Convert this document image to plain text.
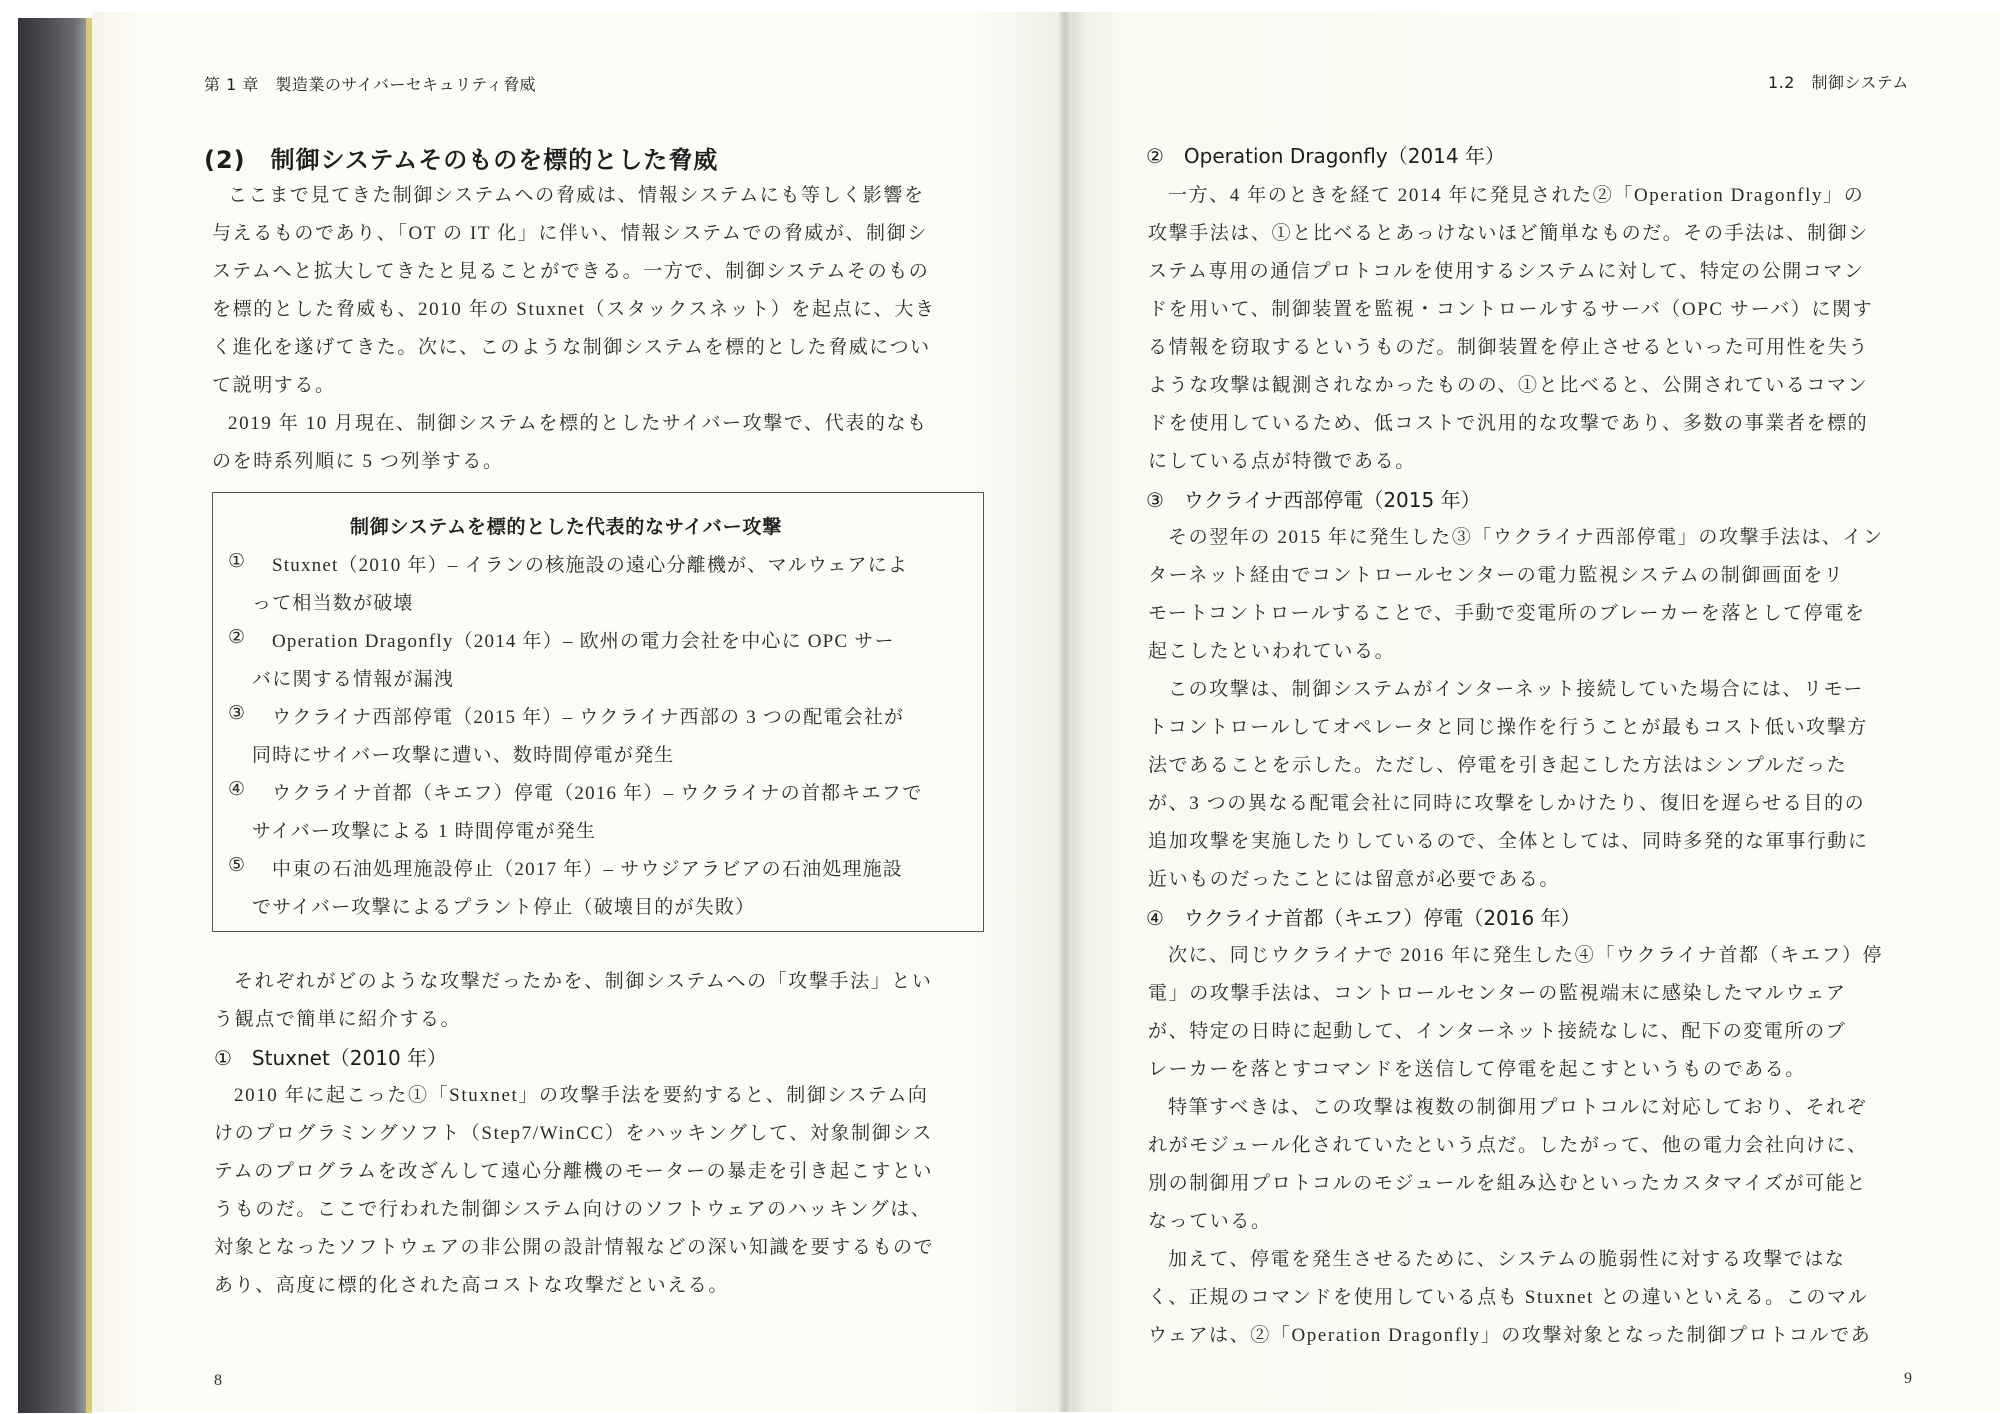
第 1 章　製造業のサイバーセキュリティ脅威
(2)　制御システムそのものを標的とした脅威
ここまで見てきた制御システムへの脅威は、情報システムにも等しく影響を
与えるものであり、「OT の IT 化」に伴い、情報システムでの脅威が、制御シ
ステムへと拡大してきたと見ることができる。一方で、制御システムそのもの
を標的とした脅威も、2010 年の Stuxnet（スタックスネット）を起点に、大き
く進化を遂げてきた。次に、このような制御システムを標的とした脅威につい
て説明する。
2019 年 10 月現在、制御システムを標的としたサイバー攻撃で、代表的なも
のを時系列順に 5 つ列挙する。
制御システムを標的とした代表的なサイバー攻撃
① Stuxnet（2010 年）– イランの核施設の遠心分離機が、マルウェアによ
って相当数が破壊
② Operation Dragonfly（2014 年）– 欧州の電力会社を中心に OPC サー
バに関する情報が漏洩
③ ウクライナ西部停電（2015 年）– ウクライナ西部の 3 つの配電会社が
同時にサイバー攻撃に遭い、数時間停電が発生
④ ウクライナ首都（キエフ）停電（2016 年）– ウクライナの首都キエフで
サイバー攻撃による 1 時間停電が発生
⑤ 中東の石油処理施設停止（2017 年）– サウジアラビアの石油処理施設
でサイバー攻撃によるプラント停止（破壊目的が失敗）
それぞれがどのような攻撃だったかを、制御システムへの「攻撃手法」とい
う観点で簡単に紹介する。
①　Stuxnet（2010 年）
2010 年に起こった①「Stuxnet」の攻撃手法を要約すると、制御システム向
けのプログラミングソフト（Step7/WinCC）をハッキングして、対象制御シス
テムのプログラムを改ざんして遠心分離機のモーターの暴走を引き起こすとい
うものだ。ここで行われた制御システム向けのソフトウェアのハッキングは、
対象となったソフトウェアの非公開の設計情報などの深い知識を要するもので
あり、高度に標的化された高コストな攻撃だといえる。
8
1.2　制御システム
②　Operation Dragonfly（2014 年）
一方、4 年のときを経て 2014 年に発見された②「Operation Dragonfly」の
攻撃手法は、①と比べるとあっけないほど簡単なものだ。その手法は、制御シ
ステム専用の通信プロトコルを使用するシステムに対して、特定の公開コマン
ドを用いて、制御装置を監視・コントロールするサーバ（OPC サーバ）に関す
る情報を窃取するというものだ。制御装置を停止させるといった可用性を失う
ような攻撃は観測されなかったものの、①と比べると、公開されているコマン
ドを使用しているため、低コストで汎用的な攻撃であり、多数の事業者を標的
にしている点が特徴である。
③　ウクライナ西部停電（2015 年）
その翌年の 2015 年に発生した③「ウクライナ西部停電」の攻撃手法は、イン
ターネット経由でコントロールセンターの電力監視システムの制御画面をリ
モートコントロールすることで、手動で変電所のブレーカーを落として停電を
起こしたといわれている。
この攻撃は、制御システムがインターネット接続していた場合には、リモー
トコントロールしてオペレータと同じ操作を行うことが最もコスト低い攻撃方
法であることを示した。ただし、停電を引き起こした方法はシンプルだった
が、3 つの異なる配電会社に同時に攻撃をしかけたり、復旧を遅らせる目的の
追加攻撃を実施したりしているので、全体としては、同時多発的な軍事行動に
近いものだったことには留意が必要である。
④　ウクライナ首都（キエフ）停電（2016 年）
次に、同じウクライナで 2016 年に発生した④「ウクライナ首都（キエフ）停
電」の攻撃手法は、コントロールセンターの監視端末に感染したマルウェア
が、特定の日時に起動して、インターネット接続なしに、配下の変電所のブ
レーカーを落とすコマンドを送信して停電を起こすというものである。
特筆すべきは、この攻撃は複数の制御用プロトコルに対応しており、それぞ
れがモジュール化されていたという点だ。したがって、他の電力会社向けに、
別の制御用プロトコルのモジュールを組み込むといったカスタマイズが可能と
なっている。
加えて、停電を発生させるために、システムの脆弱性に対する攻撃ではな
く、正規のコマンドを使用している点も Stuxnet との違いといえる。このマル
ウェアは、②「Operation Dragonfly」の攻撃対象となった制御プロトコルであ
9
